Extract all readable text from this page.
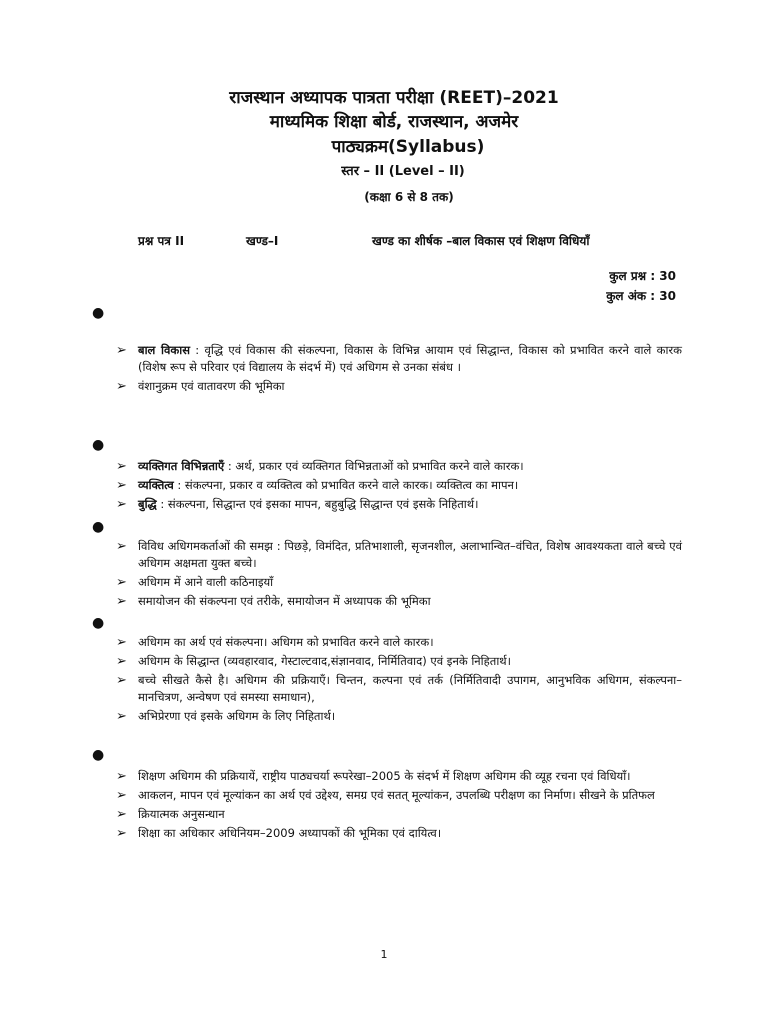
राजस्थान अध्यापक पात्रता परीक्षा (REET)–2021
माध्यमिक शिक्षा बोर्ड, राजस्थान, अजमेर
पाठ्यक्रम(Syllabus)
स्तर – II (Level – II)
(कक्षा 6 से 8 तक)
प्रश्न पत्र II	खण्ड–I	खण्ड का शीर्षक –बाल विकास एवं शिक्षण विधियाँ
कुल प्रश्न : 30
कुल अंक : 30
●
➢ बाल विकास : वृद्धि एवं विकास की संकल्पना, विकास के विभिन्न आयाम एवं सिद्धान्त, विकास को प्रभावित करने वाले कारक (विशेष रूप से परिवार एवं विद्यालय के संदर्भ में) एवं अधिगम से उनका संबंध ।
➢ वंशानुक्रम एवं वातावरण की भूमिका
●
➢ व्यक्तिगत विभिन्नताएँ : अर्थ, प्रकार एवं व्यक्तिगत विभिन्नताओं को प्रभावित करने वाले कारक।
➢ व्यक्तित्व : संकल्पना, प्रकार व व्यक्तित्व को प्रभावित करने वाले कारक। व्यक्तित्व का मापन।
➢ बुद्धि : संकल्पना, सिद्धान्त एवं इसका मापन, बहुबुद्धि सिद्धान्त एवं इसके निहितार्थ।
●
➢ विविध अधिगमकर्ताओं की समझ : पिछड़े, विमंदित, प्रतिभाशाली, सृजनशील, अलाभान्वित–वंचित, विशेष आवश्यकता वाले बच्चे एवं अधिगम अक्षमता युक्त बच्चे।
➢ अधिगम में आने वाली कठिनाइयाँ
➢ समायोजन की संकल्पना एवं तरीके, समायोजन में अध्यापक की भूमिका
●
➢ अधिगम का अर्थ एवं संकल्पना। अधिगम को प्रभावित करने वाले कारक।
➢ अधिगम के सिद्धान्त (व्यवहारवाद, गेस्टाल्टवाद,संज्ञानवाद, निर्मितिवाद) एवं इनके निहितार्थ।
➢ बच्चे सीखते कैसे है। अधिगम की प्रक्रियाएँ। चिन्तन, कल्पना एवं तर्क (निर्मितिवादी उपागम, आनुभविक अधिगम, संकल्पना–मानचित्रण, अन्वेषण एवं समस्या समाधान),
➢ अभिप्रेरणा एवं इसके अधिगम के लिए निहितार्थ।
●
➢ शिक्षण अधिगम की प्रक्रियायें, राष्ट्रीय पाठ्यचर्या रूपरेखा–2005 के संदर्भ में शिक्षण अधिगम की व्यूह रचना एवं विधियाँ।
➢ आकलन, मापन एवं मूल्यांकन का अर्थ एवं उद्देश्य, समग्र एवं सतत् मूल्यांकन, उपलब्धि परीक्षण का निर्माण। सीखने के प्रतिफल
➢ क्रियात्मक अनुसन्धान
➢ शिक्षा का अधिकार अधिनियम–2009 अध्यापकों की भूमिका एवं दायित्व।
1
